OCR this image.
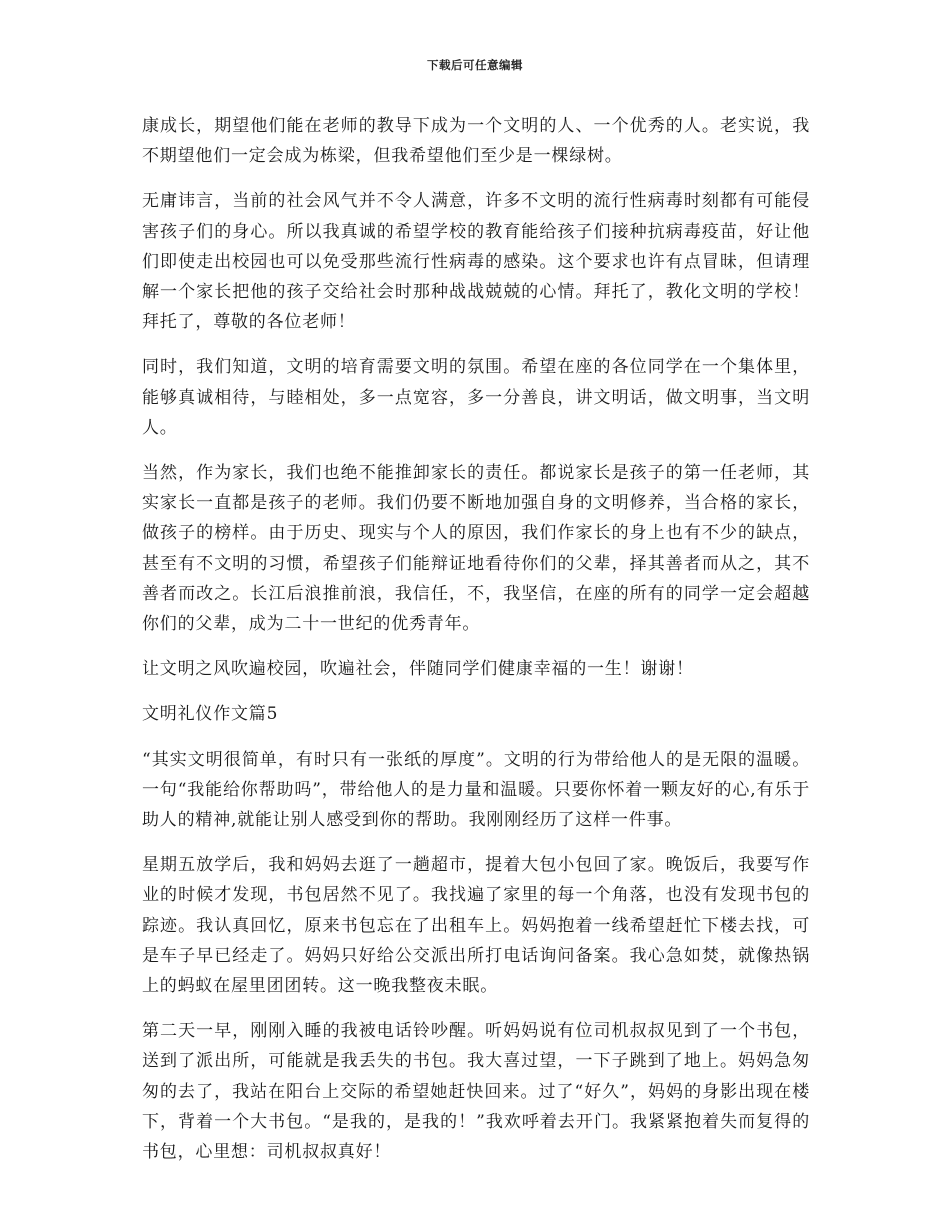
下载后可任意编辑

康成长，期望他们能在老师的教导下成为一个文明的人、一个优秀的人。老实说，我不期望他们一定会成为栋梁，但我希望他们至少是一棵绿树。

无庸讳言，当前的社会风气并不令人满意，许多不文明的流行性病毒时刻都有可能侵害孩子们的身心。所以我真诚的希望学校的教育能给孩子们接种抗病毒疫苗，好让他们即使走出校园也可以免受那些流行性病毒的感染。这个要求也许有点冒昧，但请理解一个家长把他的孩子交给社会时那种战战兢兢的心情。拜托了，教化文明的学校！拜托了，尊敬的各位老师！

同时，我们知道，文明的培育需要文明的氛围。希望在座的各位同学在一个集体里，能够真诚相待，与睦相处，多一点宽容，多一分善良，讲文明话，做文明事，当文明人。

当然，作为家长，我们也绝不能推卸家长的责任。都说家长是孩子的第一任老师，其实家长一直都是孩子的老师。我们仍要不断地加强自身的文明修养，当合格的家长，做孩子的榜样。由于历史、现实与个人的原因，我们作家长的身上也有不少的缺点，甚至有不文明的习惯，希望孩子们能辩证地看待你们的父辈，择其善者而从之，其不善者而改之。长江后浪推前浪，我信任，不，我坚信，在座的所有的同学一定会超越你们的父辈，成为二十一世纪的优秀青年。

让文明之风吹遍校园，吹遍社会，伴随同学们健康幸福的一生！谢谢！

文明礼仪作文篇5

“其实文明很简单，有时只有一张纸的厚度”。文明的行为带给他人的是无限的温暖。一句“我能给你帮助吗”，带给他人的是力量和温暖。只要你怀着一颗友好的心,有乐于助人的精神,就能让别人感受到你的帮助。我刚刚经历了这样一件事。

星期五放学后，我和妈妈去逛了一趟超市，提着大包小包回了家。晚饭后，我要写作业的时候才发现，书包居然不见了。我找遍了家里的每一个角落，也没有发现书包的踪迹。我认真回忆，原来书包忘在了出租车上。妈妈抱着一线希望赶忙下楼去找，可是车子早已经走了。妈妈只好给公交派出所打电话询问备案。我心急如焚，就像热锅上的蚂蚁在屋里团团转。这一晚我整夜未眠。

第二天一早，刚刚入睡的我被电话铃吵醒。听妈妈说有位司机叔叔见到了一个书包，送到了派出所，可能就是我丢失的书包。我大喜过望，一下子跳到了地上。妈妈急匆匆的去了，我站在阳台上交际的希望她赶快回来。过了“好久”，妈妈的身影出现在楼下，背着一个大书包。“是我的，是我的！”我欢呼着去开门。我紧紧抱着失而复得的书包，心里想：司机叔叔真好！
